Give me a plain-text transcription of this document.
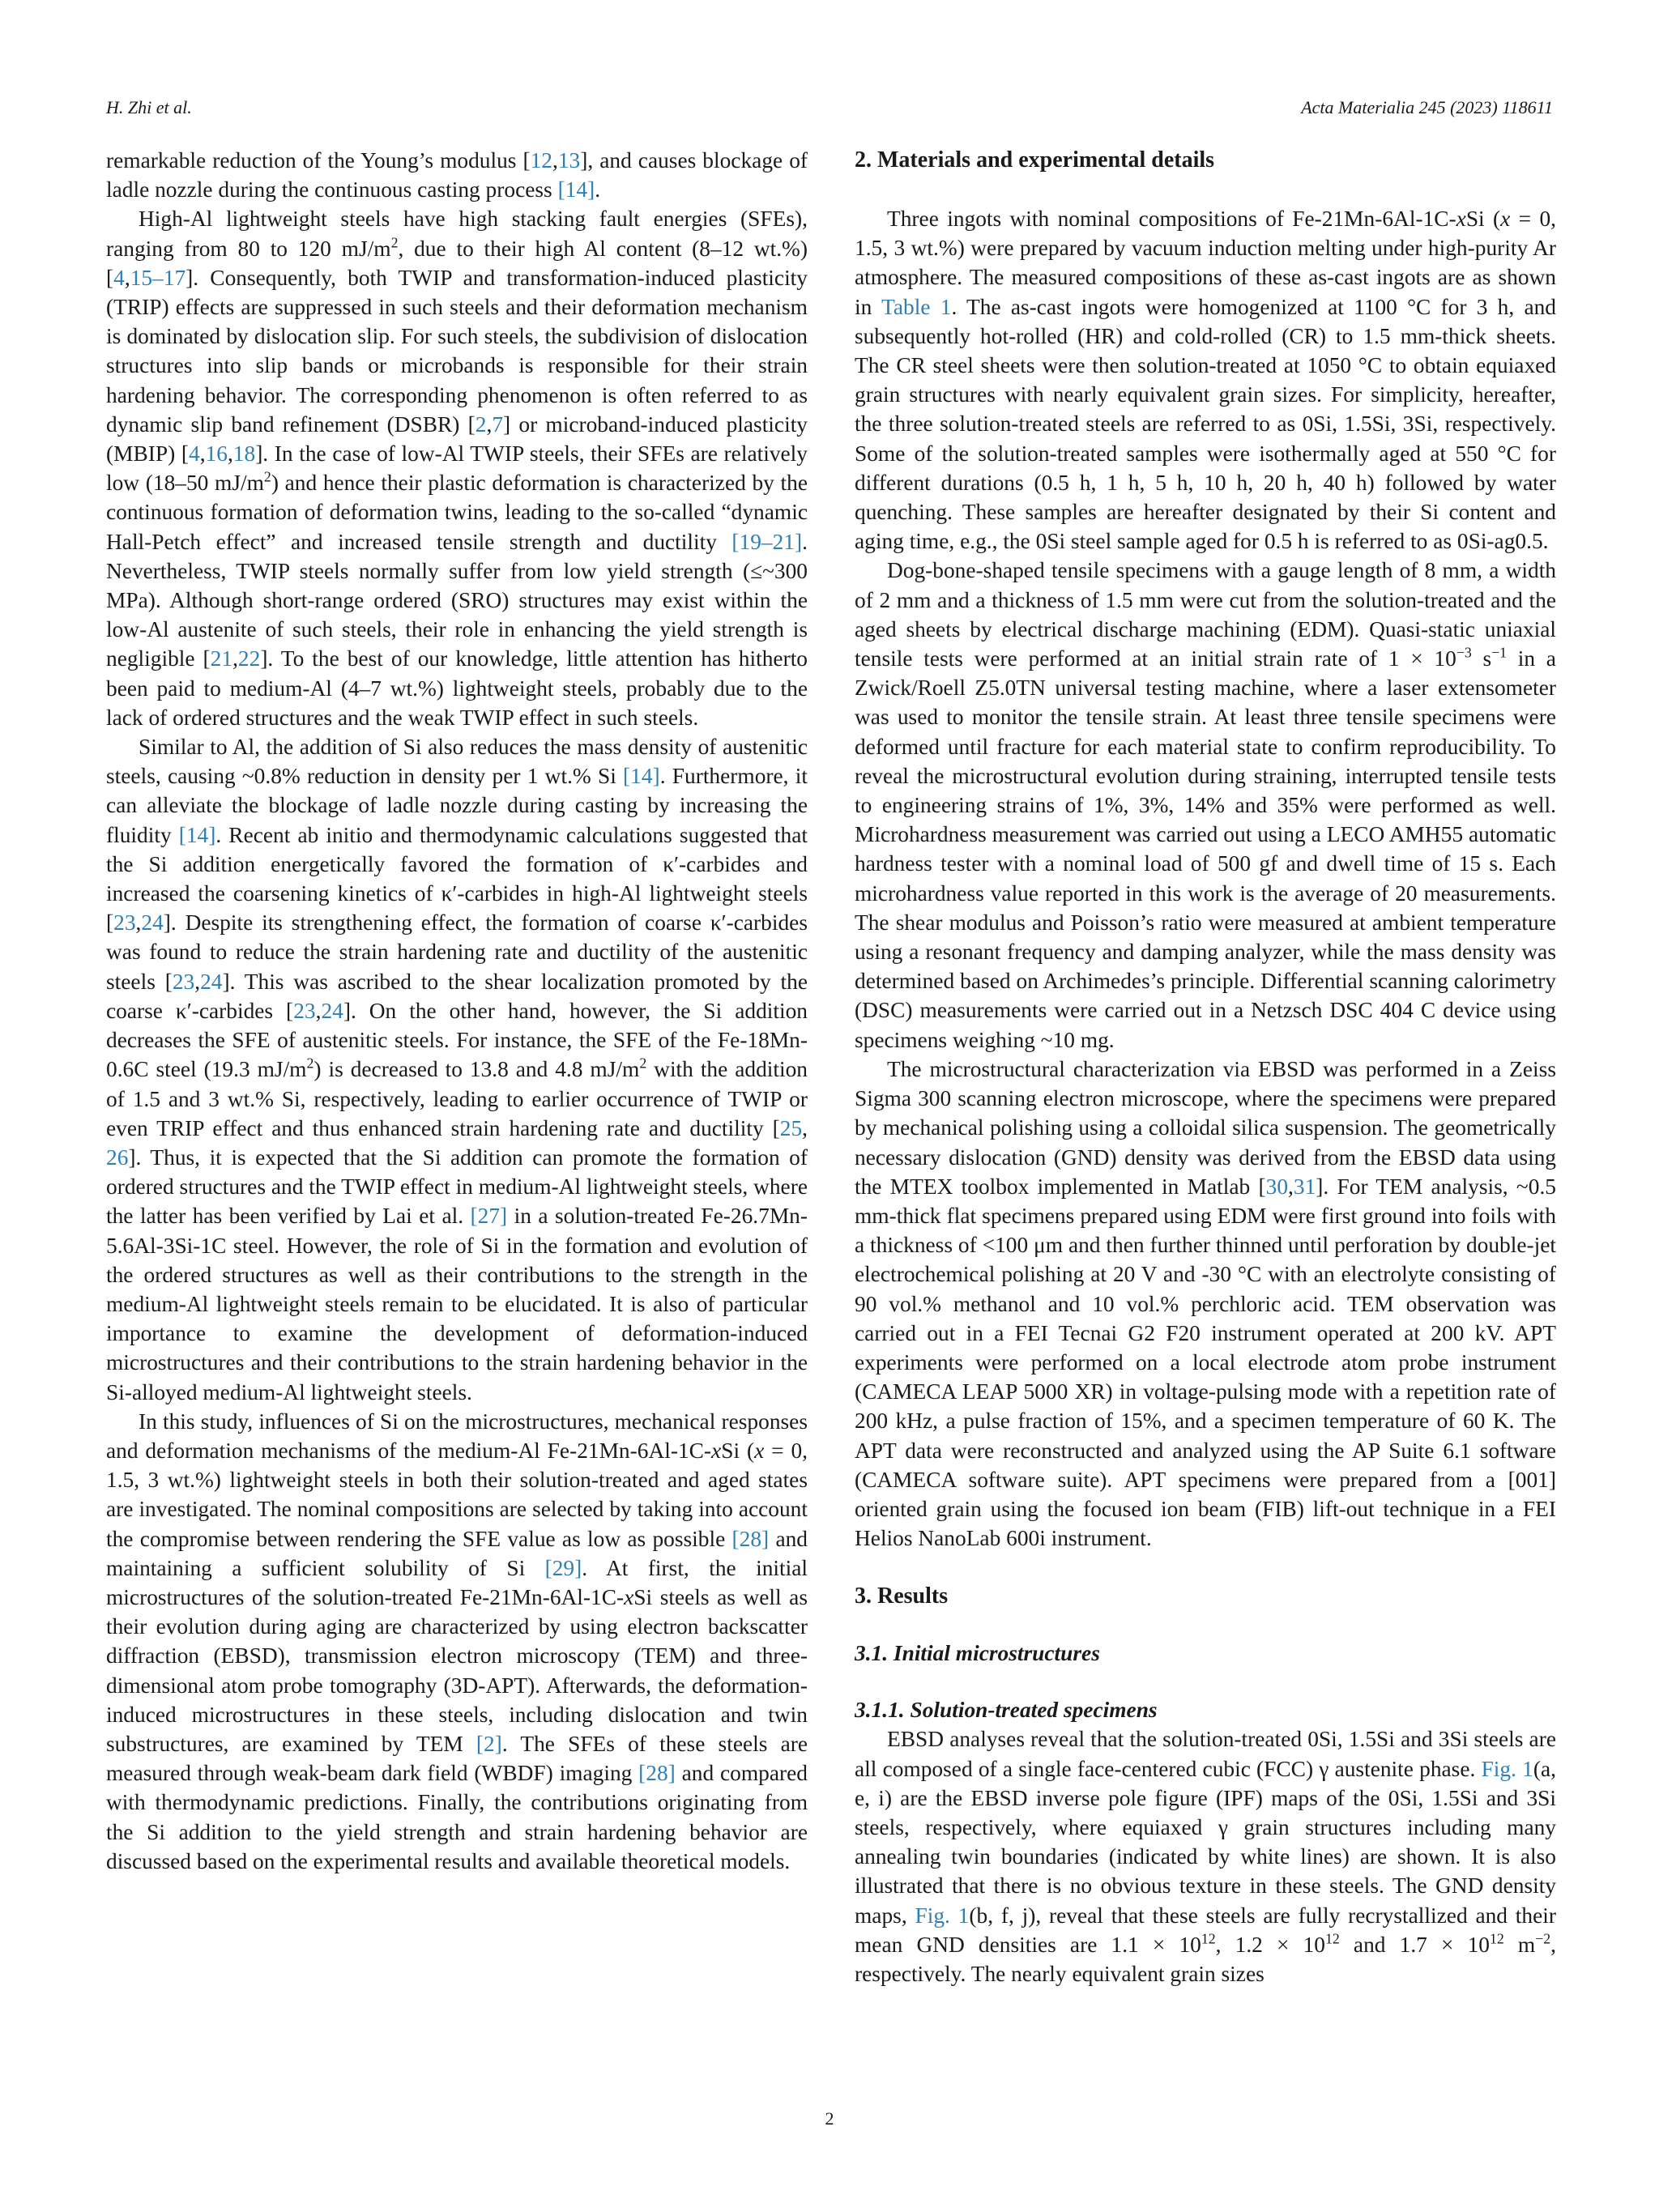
H. Zhi et al.	Acta Materialia 245 (2023) 118611

remarkable reduction of the Young’s modulus [12,13], and causes blockage of ladle nozzle during the continuous casting process [14].

High-Al lightweight steels have high stacking fault energies (SFEs), ranging from 80 to 120 $mJ/m^2$, due to their high Al content (8–12 wt.%) [4,15–17]. Consequently, both TWIP and transformation-induced plasticity (TRIP) effects are suppressed in such steels and their deformation mechanism is dominated by dislocation slip. For such steels, the subdivision of dislocation structures into slip bands or microbands is responsible for their strain hardening behavior. The corresponding phenomenon is often referred to as dynamic slip band refinement (DSBR) [2,7] or microband-induced plasticity (MBIP) [4,16,18]. In the case of low-Al TWIP steels, their SFEs are relatively low (18–50 $mJ/m^2$) and hence their plastic deformation is characterized by the continuous formation of deformation twins, leading to the so-called “dynamic Hall-Petch effect” and increased tensile strength and ductility [19–21]. Nevertheless, TWIP steels normally suffer from low yield strength (≤~300 MPa). Although short-range ordered (SRO) structures may exist within the low-Al austenite of such steels, their role in enhancing the yield strength is negligible [21,22]. To the best of our knowledge, little attention has hitherto been paid to medium-Al (4–7 wt.%) lightweight steels, probably due to the lack of ordered structures and the weak TWIP effect in such steels.

Similar to Al, the addition of Si also reduces the mass density of austenitic steels, causing ~0.8% reduction in density per 1 wt.% Si [14]. Furthermore, it can alleviate the blockage of ladle nozzle during casting by increasing the fluidity [14]. Recent ab initio and thermodynamic calculations suggested that the Si addition energetically favored the formation of κ′-carbides and increased the coarsening kinetics of κ′-carbides in high-Al lightweight steels [23,24]. Despite its strengthening effect, the formation of coarse κ′-carbides was found to reduce the strain hardening rate and ductility of the austenitic steels [23,24]. This was ascribed to the shear localization promoted by the coarse κ′-carbides [23,24]. On the other hand, however, the Si addition decreases the SFE of austenitic steels. For instance, the SFE of the Fe-18Mn-0.6C steel (19.3 $mJ/m^2$) is decreased to 13.8 and 4.8 $mJ/m^2$ with the addition of 1.5 and 3 wt.% Si, respectively, leading to earlier occurrence of TWIP or even TRIP effect and thus enhanced strain hardening rate and ductility [25, 26]. Thus, it is expected that the Si addition can promote the formation of ordered structures and the TWIP effect in medium-Al lightweight steels, where the latter has been verified by Lai et al. [27] in a solution-treated Fe-26.7Mn-5.6Al-3Si-1C steel. However, the role of Si in the formation and evolution of the ordered structures as well as their contributions to the strength in the medium-Al lightweight steels remain to be elucidated. It is also of particular importance to examine the development of deformation-induced microstructures and their contributions to the strain hardening behavior in the Si-alloyed medium-Al lightweight steels.

In this study, influences of Si on the microstructures, mechanical responses and deformation mechanisms of the medium-Al Fe-21Mn-6Al-1C-xSi (x = 0, 1.5, 3 wt.%) lightweight steels in both their solution-treated and aged states are investigated. The nominal compositions are selected by taking into account the compromise between rendering the SFE value as low as possible [28] and maintaining a sufficient solubility of Si [29]. At first, the initial microstructures of the solution-treated Fe-21Mn-6Al-1C-xSi steels as well as their evolution during aging are characterized by using electron backscatter diffraction (EBSD), transmission electron microscopy (TEM) and three-dimensional atom probe tomography (3D-APT). Afterwards, the deformation-induced microstructures in these steels, including dislocation and twin substructures, are examined by TEM [2]. The SFEs of these steels are measured through weak-beam dark field (WBDF) imaging [28] and compared with thermodynamic predictions. Finally, the contributions originating from the Si addition to the yield strength and strain hardening behavior are discussed based on the experimental results and available theoretical models.

2. Materials and experimental details

Three ingots with nominal compositions of Fe-21Mn-6Al-1C-xSi (x = 0, 1.5, 3 wt.%) were prepared by vacuum induction melting under high-purity Ar atmosphere. The measured compositions of these as-cast ingots are as shown in Table 1. The as-cast ingots were homogenized at 1100 °C for 3 h, and subsequently hot-rolled (HR) and cold-rolled (CR) to 1.5 mm-thick sheets. The CR steel sheets were then solution-treated at 1050 °C to obtain equiaxed grain structures with nearly equivalent grain sizes. For simplicity, hereafter, the three solution-treated steels are referred to as 0Si, 1.5Si, 3Si, respectively. Some of the solution-treated samples were isothermally aged at 550 °C for different durations (0.5 h, 1 h, 5 h, 10 h, 20 h, 40 h) followed by water quenching. These samples are hereafter designated by their Si content and aging time, e.g., the 0Si steel sample aged for 0.5 h is referred to as 0Si-ag0.5.

Dog-bone-shaped tensile specimens with a gauge length of 8 mm, a width of 2 mm and a thickness of 1.5 mm were cut from the solution-treated and the aged sheets by electrical discharge machining (EDM). Quasi-static uniaxial tensile tests were performed at an initial strain rate of $1 \times 10^{-3}$ $s^{-1}$ in a Zwick/Roell Z5.0TN universal testing machine, where a laser extensometer was used to monitor the tensile strain. At least three tensile specimens were deformed until fracture for each material state to confirm reproducibility. To reveal the microstructural evolution during straining, interrupted tensile tests to engineering strains of 1%, 3%, 14% and 35% were performed as well. Microhardness measurement was carried out using a LECO AMH55 automatic hardness tester with a nominal load of 500 gf and dwell time of 15 s. Each microhardness value reported in this work is the average of 20 measurements. The shear modulus and Poisson’s ratio were measured at ambient temperature using a resonant frequency and damping analyzer, while the mass density was determined based on Archimedes’s principle. Differential scanning calorimetry (DSC) measurements were carried out in a Netzsch DSC 404 C device using specimens weighing ~10 mg.

The microstructural characterization via EBSD was performed in a Zeiss Sigma 300 scanning electron microscope, where the specimens were prepared by mechanical polishing using a colloidal silica suspension. The geometrically necessary dislocation (GND) density was derived from the EBSD data using the MTEX toolbox implemented in Matlab [30,31]. For TEM analysis, ~0.5 mm-thick flat specimens prepared using EDM were first ground into foils with a thickness of <100 μm and then further thinned until perforation by double-jet electrochemical polishing at 20 V and -30 °C with an electrolyte consisting of 90 vol.% methanol and 10 vol.% perchloric acid. TEM observation was carried out in a FEI Tecnai G2 F20 instrument operated at 200 kV. APT experiments were performed on a local electrode atom probe instrument (CAMECA LEAP 5000 XR) in voltage-pulsing mode with a repetition rate of 200 kHz, a pulse fraction of 15%, and a specimen temperature of 60 K. The APT data were reconstructed and analyzed using the AP Suite 6.1 software (CAMECA software suite). APT specimens were prepared from a [001] oriented grain using the focused ion beam (FIB) lift-out technique in a FEI Helios NanoLab 600i instrument.

3. Results
3.1. Initial microstructures
3.1.1. Solution-treated specimens

EBSD analyses reveal that the solution-treated 0Si, 1.5Si and 3Si steels are all composed of a single face-centered cubic (FCC) γ austenite phase. Fig. 1(a, e, i) are the EBSD inverse pole figure (IPF) maps of the 0Si, 1.5Si and 3Si steels, respectively, where equiaxed γ grain structures including many annealing twin boundaries (indicated by white lines) are shown. It is also illustrated that there is no obvious texture in these steels. The GND density maps, Fig. 1(b, f, j), reveal that these steels are fully recrystallized and their mean GND densities are $1.1 \times 10^{12}$, $1.2 \times 10^{12}$ and $1.7 \times 10^{12}$ $m^{-2}$, respectively. The nearly equivalent grain sizes

2
